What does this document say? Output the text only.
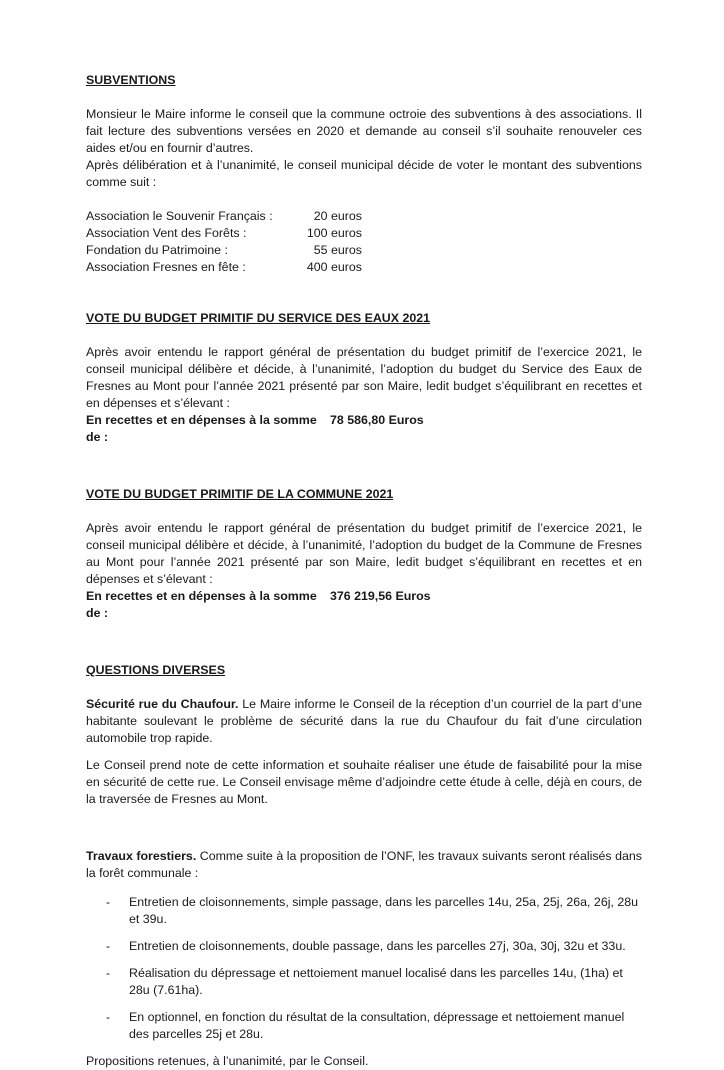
SUBVENTIONS

Monsieur le Maire informe le conseil que la commune octroie des subventions à des associations. Il fait lecture des subventions versées en 2020 et demande au conseil s’il souhaite renouveler ces aides et/ou en fournir d’autres.

Après délibération et à l’unanimité, le conseil municipal décide de voter le montant des subventions comme suit :

Association le Souvenir Français :	20 euros
Association Vent des Forêts :	100 euros
Fondation du Patrimoine :	55 euros
Association Fresnes en fête :	400 euros

VOTE DU BUDGET PRIMITIF DU SERVICE DES EAUX 2021

Après avoir entendu le rapport général de présentation du budget primitif de l’exercice 2021, le conseil municipal délibère et décide, à l’unanimité, l’adoption du budget du Service des Eaux de Fresnes au Mont pour l’année 2021 présenté par son Maire, ledit budget s’équilibrant en recettes et en dépenses et s’élevant :

En recettes et en dépenses à la somme de :
78 586,80 Euros

VOTE DU BUDGET PRIMITIF DE LA COMMUNE 2021

Après avoir entendu le rapport général de présentation du budget primitif de l’exercice 2021, le conseil municipal délibère et décide, à l’unanimité, l’adoption du budget de la Commune de Fresnes au Mont pour l’année 2021 présenté par son Maire, ledit budget s’équilibrant en recettes et en dépenses et s’élevant :

En recettes et en dépenses à la somme de :
376 219,56 Euros

QUESTIONS DIVERSES

Sécurité rue du Chaufour. Le Maire informe le Conseil de la réception d’un courriel de la part d’une habitante soulevant le problème de sécurité dans la rue du Chaufour du fait d’une circulation automobile trop rapide.

Le Conseil prend note de cette information et souhaite réaliser une étude de faisabilité pour la mise en sécurité de cette rue. Le Conseil envisage même d’adjoindre cette étude à celle, déjà en cours, de la traversée de Fresnes au Mont.

Travaux forestiers. Comme suite à la proposition de l’ONF, les travaux suivants seront réalisés dans la forêt communale :

-	Entretien de cloisonnements, simple passage, dans les parcelles 14u, 25a, 25j, 26a, 26j, 28u et 39u.
-	Entretien de cloisonnements, double passage, dans les parcelles 27j, 30a, 30j, 32u et 33u.
-	Réalisation du dépressage et nettoiement manuel localisé dans les parcelles 14u, (1ha) et 28u (7.61ha).
-	En optionnel, en fonction du résultat de la consultation, dépressage et nettoiement manuel des parcelles 25j et 28u.

Propositions retenues, à l’unanimité, par le Conseil.
